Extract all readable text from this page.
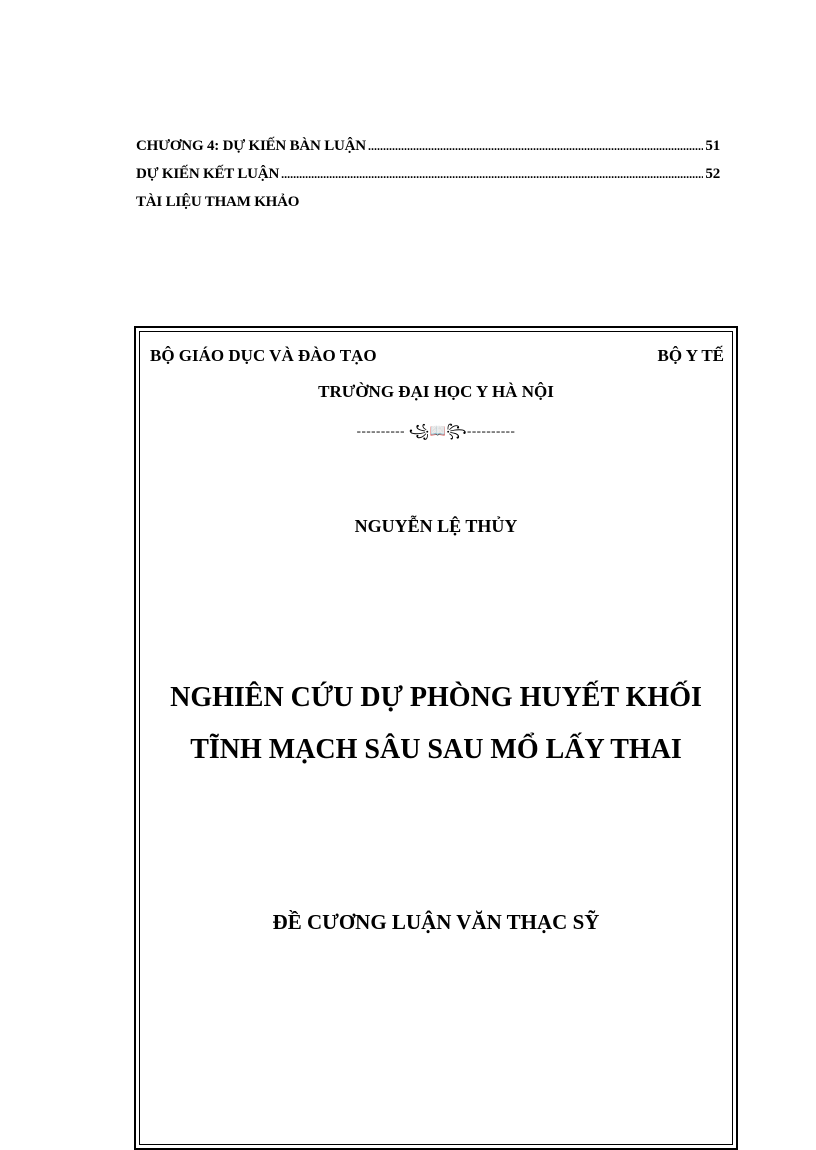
CHƯƠNG 4: DỰ KIẾN BÀN LUẬN .....	51
DỰ KIẾN KẾT LUẬN .....	52
TÀI LIỆU THAM KHẢO
BỘ GIÁO DỤC VÀ ĐÀO TẠO	BỘ Y TẾ
TRƯỜNG ĐẠI HỌC Y HÀ NỘI
---------- ꧁📖꧂----------
NGUYỄN LỆ THỦY
NGHIÊN CỨU DỰ PHÒNG HUYẾT KHỐI
TĨNH MẠCH SÂU SAU MỔ LẤY THAI
ĐỀ CƯƠNG LUẬN VĂN THẠC SỸ
